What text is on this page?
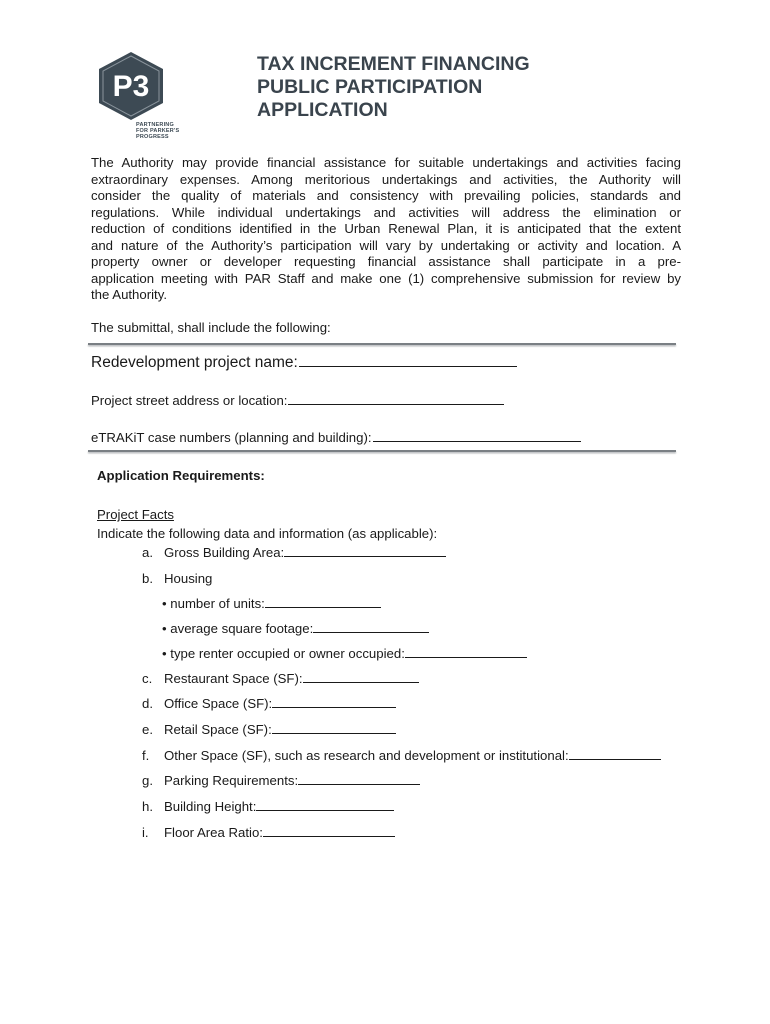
P3
PARTNERING
FOR PARKER'S
PROGRESS
TAX INCREMENT FINANCING
PUBLIC PARTICIPATION
APPLICATION
The Authority may provide financial assistance for suitable undertakings and activities facing
extraordinary expenses. Among meritorious undertakings and activities, the Authority will
consider the quality of materials and consistency with prevailing policies, standards and
regulations. While individual undertakings and activities will address the elimination or
reduction of conditions identified in the Urban Renewal Plan, it is anticipated that the extent
and nature of the Authority’s participation will vary by undertaking or activity and location. A
property owner or developer requesting financial assistance shall participate in a pre-
application meeting with PAR Staff and make one (1) comprehensive submission for review by
the Authority.

The submittal, shall include the following:

Redevelopment project name:
Project street address or location:
eTRAKiT case numbers (planning and building):

Application Requirements:

Project Facts

Indicate the following data and information (as applicable):

a. Gross Building Area:
b. Housing
• number of units:
• average square footage:
• type renter occupied or owner occupied:
c. Restaurant Space (SF):
d. Office Space (SF):
e. Retail Space (SF):
f.	Other Space (SF), such as research and development or institutional:
g. Parking Requirements:
h. Building Height:
i.	Floor Area Ratio:
